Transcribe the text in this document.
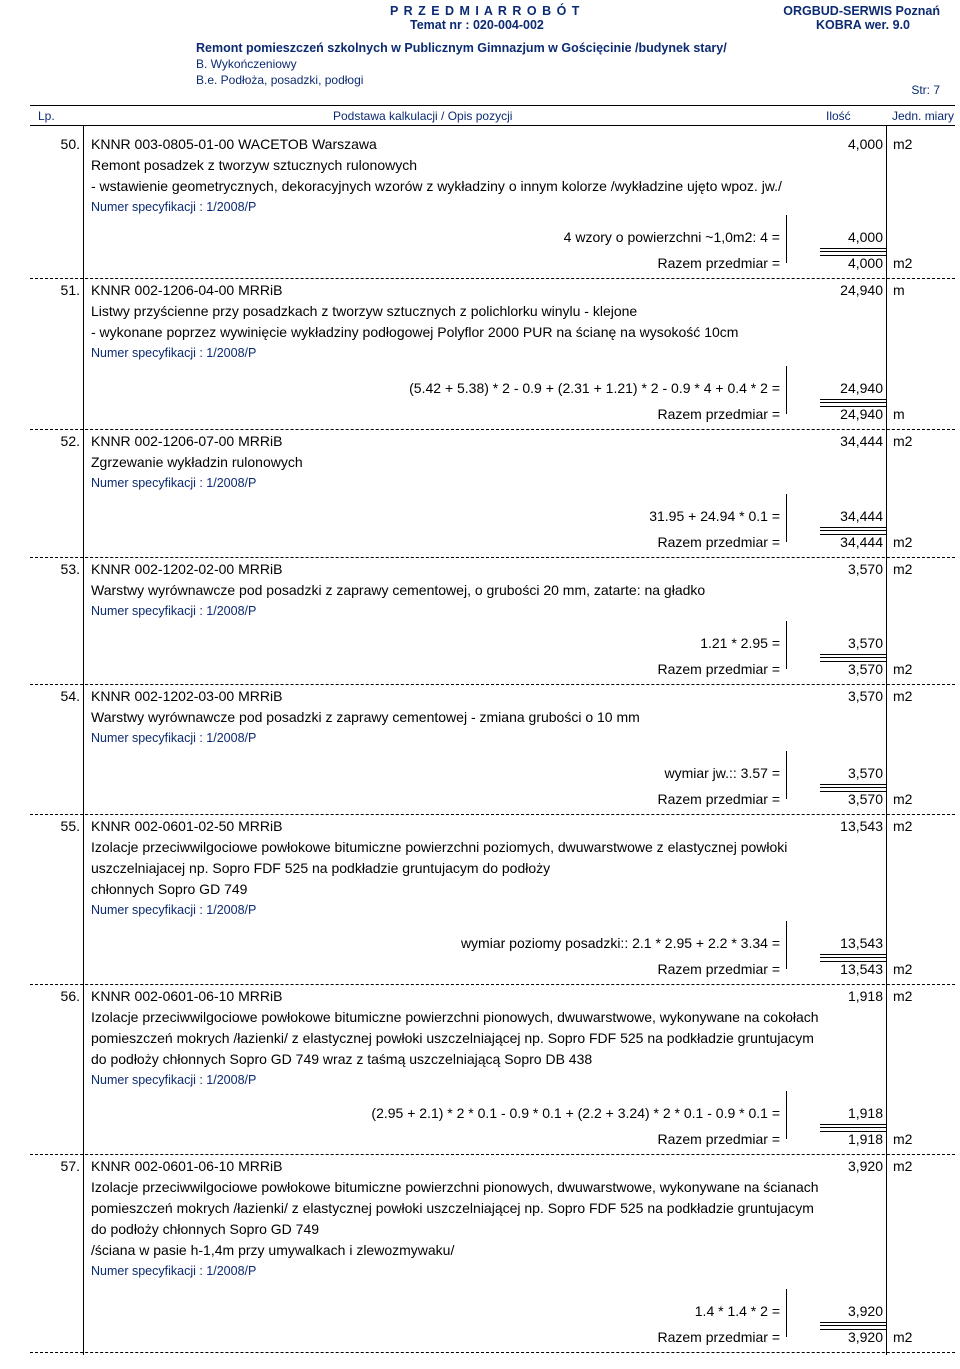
P R Z E D M I A R R O B Ó T
Temat nr : 020-004-002
ORGBUD-SERWIS Poznań
KOBRA wer. 9.0
Remont pomieszczeń szkolnych w Publicznym Gimnazjum w Gościęcinie /budynek stary/
B. Wykończeniowy
B.e. Podłoża, posadzki, podłogi
Str: 7
Lp.	Podstawa kalkulacji / Opis pozycji	Ilość	Jedn. miary
50. KNNR 003-0805-01-00 WACETOB Warszawa	4,000 m2
Remont posadzek z tworzyw sztucznych rulonowych
- wstawienie geometrycznych, dekoracyjnych wzorów z wykładziny o innym kolorze /wykładzine ujęto wpoz. jw./
Numer specyfikacji : 1/2008/P
4 wzory o powierzchni ~1,0m2: 4 =	4,000
Razem przedmiar =	4,000 m2
51. KNNR 002-1206-04-00 MRRiB	24,940 m
Listwy przyścienne przy posadzkach z tworzyw sztucznych z polichlorku winylu - klejone
- wykonane poprzez wywinięcie wykładziny podłogowej Polyflor 2000 PUR na ścianę na wysokość 10cm
Numer specyfikacji : 1/2008/P
(5.42 + 5.38) * 2 - 0.9 + (2.31 + 1.21) * 2 - 0.9 * 4 + 0.4 * 2 =	24,940
Razem przedmiar =	24,940 m
52. KNNR 002-1206-07-00 MRRiB	34,444 m2
Zgrzewanie wykładzin rulonowych
Numer specyfikacji : 1/2008/P
31.95 + 24.94 * 0.1 =	34,444
Razem przedmiar =	34,444 m2
53. KNNR 002-1202-02-00 MRRiB	3,570 m2
Warstwy wyrównawcze pod posadzki z zaprawy cementowej, o grubości 20 mm, zatarte: na gładko
Numer specyfikacji : 1/2008/P
1.21 * 2.95 =	3,570
Razem przedmiar =	3,570 m2
54. KNNR 002-1202-03-00 MRRiB	3,570 m2
Warstwy wyrównawcze pod posadzki z zaprawy cementowej - zmiana grubości o 10 mm
Numer specyfikacji : 1/2008/P
wymiar jw.:: 3.57 =	3,570
Razem przedmiar =	3,570 m2
55. KNNR 002-0601-02-50 MRRiB	13,543 m2
Izolacje przeciwwilgociowe powłokowe bitumiczne powierzchni poziomych, dwuwarstwowe z elastycznej powłoki
uszczelniajacej np. Sopro FDF 525 na podkładzie gruntujacym do podłoży
chłonnych Sopro GD 749
Numer specyfikacji : 1/2008/P
wymiar poziomy posadzki:: 2.1 * 2.95 + 2.2 * 3.34 =	13,543
Razem przedmiar =	13,543 m2
56. KNNR 002-0601-06-10 MRRiB	1,918 m2
Izolacje przeciwwilgociowe powłokowe bitumiczne powierzchni pionowych, dwuwarstwowe, wykonywane na cokołach
pomieszczeń mokrych /łazienki/ z elastycznej powłoki uszczelniającej np. Sopro FDF 525 na podkładzie gruntujacym
do podłoży chłonnych Sopro GD 749 wraz z taśmą uszczelniającą Sopro DB 438
Numer specyfikacji : 1/2008/P
(2.95 + 2.1) * 2 * 0.1 - 0.9 * 0.1 + (2.2 + 3.24) * 2 * 0.1 - 0.9 * 0.1 =	1,918
Razem przedmiar =	1,918 m2
57. KNNR 002-0601-06-10 MRRiB	3,920 m2
Izolacje przeciwwilgociowe powłokowe bitumiczne powierzchni pionowych, dwuwarstwowe, wykonywane na ścianach
pomieszczeń mokrych /łazienki/ z elastycznej powłoki uszczelniającej np. Sopro FDF 525 na podkładzie gruntujacym
do podłoży chłonnych Sopro GD 749
/ściana w pasie h-1,4m przy umywalkach i zlewozmywaku/
Numer specyfikacji : 1/2008/P
1.4 * 1.4 * 2 =	3,920
Razem przedmiar =	3,920 m2
